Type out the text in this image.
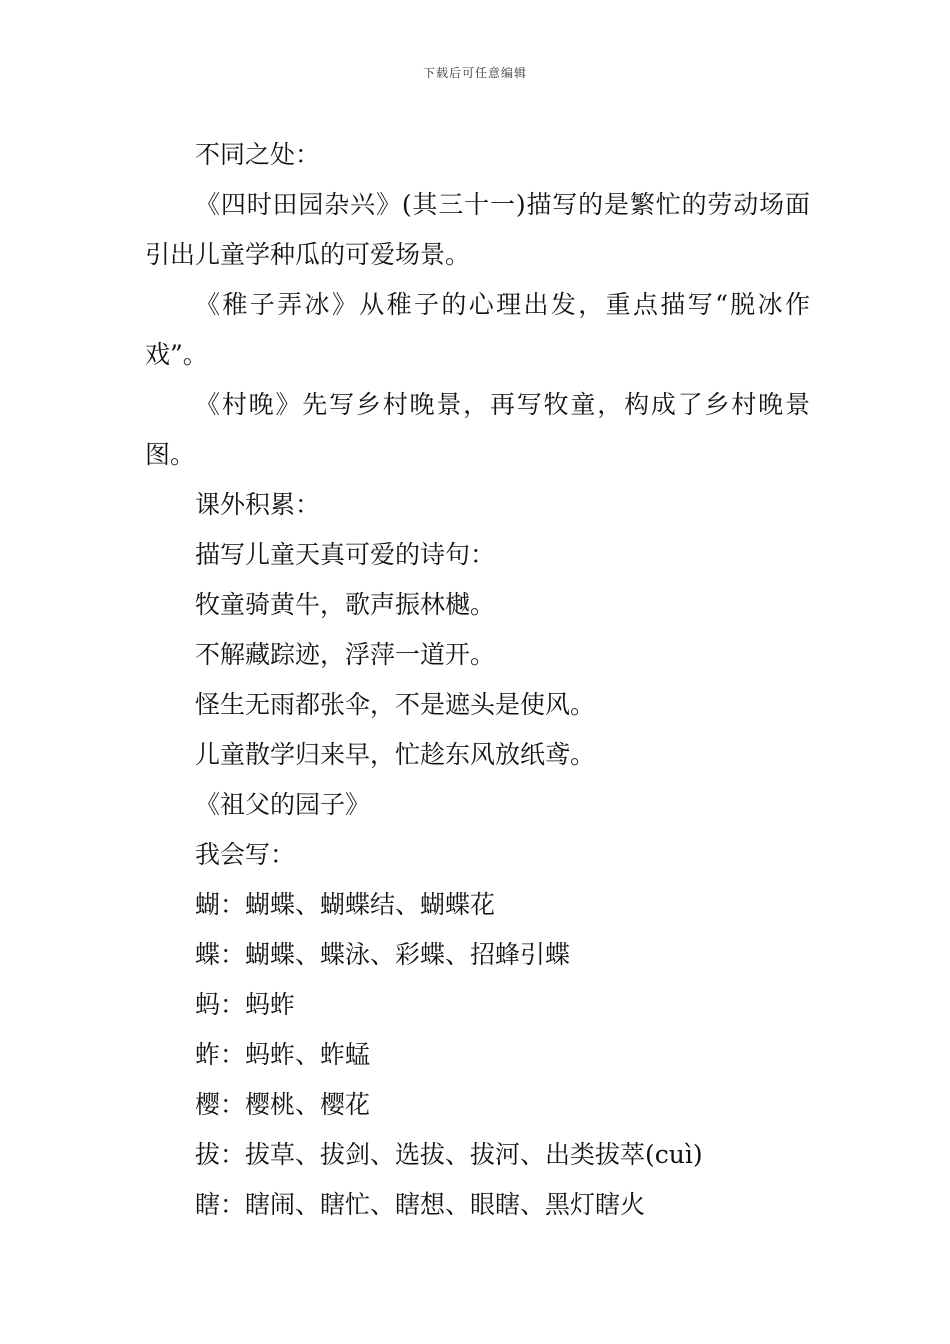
下载后可任意编辑

不同之处：

《四时田园杂兴》(其三十一)描写的是繁忙的劳动场面引出儿童学种瓜的可爱场景。

《稚子弄冰》从稚子的心理出发，重点描写“脱冰作戏”。

《村晚》先写乡村晚景，再写牧童，构成了乡村晚景图。

课外积累：

描写儿童天真可爱的诗句：

牧童骑黄牛，歌声振林樾。

不解藏踪迹，浮萍一道开。

怪生无雨都张伞，不是遮头是使风。

儿童散学归来早，忙趁东风放纸鸢。

《祖父的园子》

我会写：

蝴：蝴蝶、蝴蝶结、蝴蝶花

蝶：蝴蝶、蝶泳、彩蝶、招蜂引蝶

蚂：蚂蚱

蚱：蚂蚱、蚱蜢

樱：樱桃、樱花

拔：拔草、拔剑、选拔、拔河、出类拔萃(cuì)

瞎：瞎闹、瞎忙、瞎想、眼瞎、黑灯瞎火
